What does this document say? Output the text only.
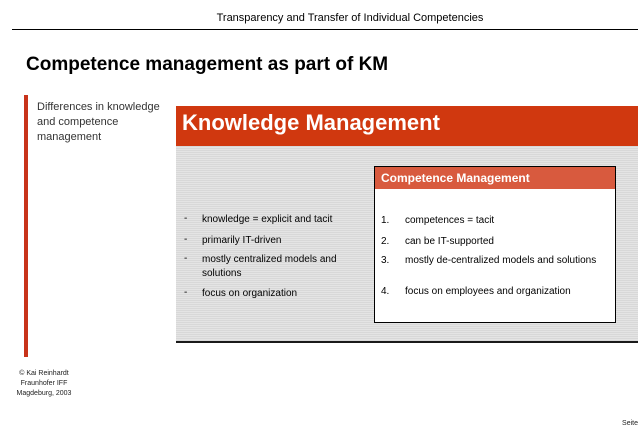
Transparency and Transfer of Individual Competencies
Competence management as part of KM
Differences in knowledge and competence management
Knowledge Management
- knowledge = explicit and tacit
- primarily IT-driven
- mostly centralized models and solutions
- focus on organization
Competence Management
1. competences = tacit
2. can be IT-supported
3. mostly de-centralized models and solutions
4. focus on employees and organization
© Kai Reinhardt
Fraunhofer IFF
Magdeburg, 2003
Seite
